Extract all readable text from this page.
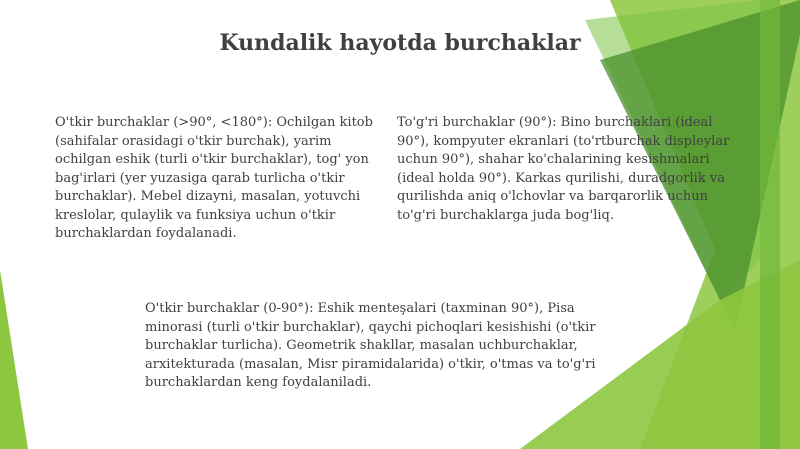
Kundalik hayotda burchaklar

O'tkir burchaklar (>90°, <180°): Ochilgan kitob (sahifalar orasidagi o'tkir burchak), yarim ochilgan eshik (turli o'tkir burchaklar), tog' yon bag'irlari (yer yuzasiga qarab turlicha o'tkir burchaklar). Mebel dizayni, masalan, yotuvchi kreslolar, qulaylik va funksiya uchun o'tkir burchaklardan foydalanadi.

To'g'ri burchaklar (90°): Bino burchaklari (ideal 90°), kompyuter ekranlari (to'rtburchak displeylar uchun 90°), shahar ko'chalarining kesishmalari (ideal holda 90°). Karkas qurilishi, duradgorlik va qurilishda aniq o'lchovlar va barqarorlik uchun to'g'ri burchaklarga juda bog'liq.

O'tkir burchaklar (0-90°): Eshik menteşalari (taxminan 90°), Pisa minorasi (turli o'tkir burchaklar), qaychi pichoqlari kesishishi (o'tkir burchaklar turlicha). Geometrik shakllar, masalan uchburchaklar, arxitekturada (masalan, Misr piramidalarida) o'tkir, o'tmas va to'g'ri burchaklardan keng foydalaniladi.
